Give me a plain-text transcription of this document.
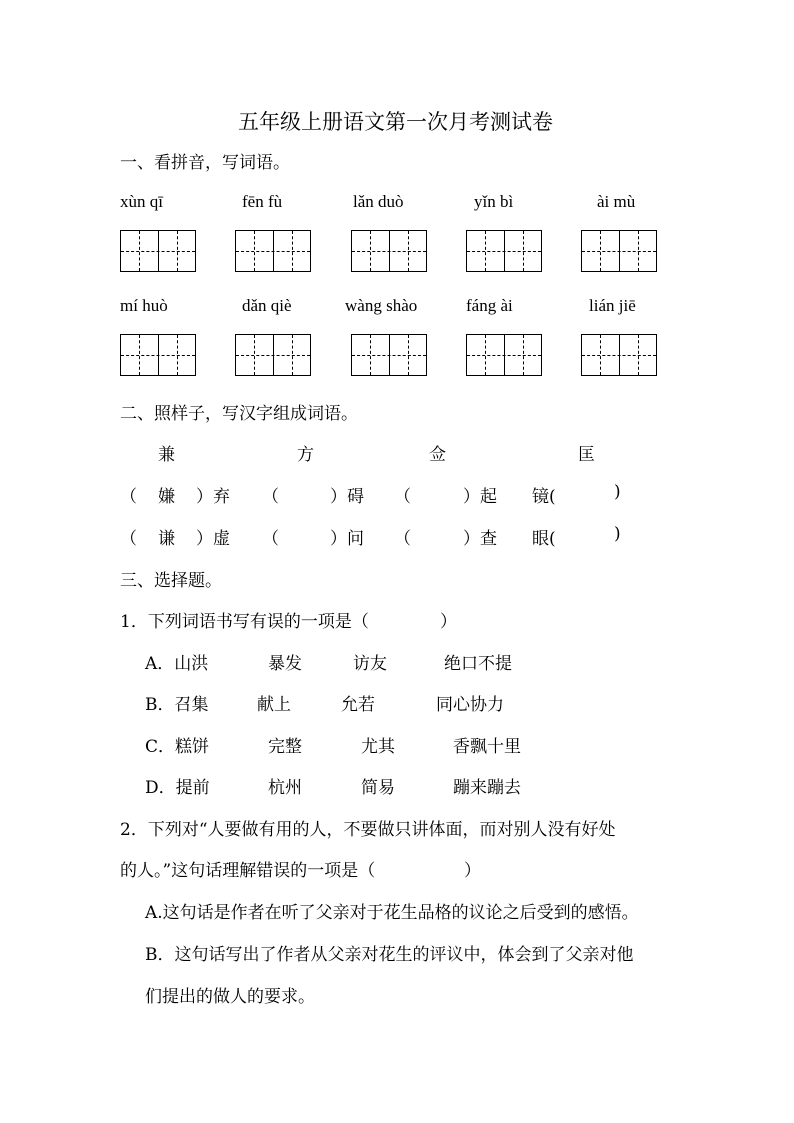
五年级上册语文第一次月考测试卷
一、看拼音，写词语。
xùn qī	fēn fù	lǎn duò	yǐn bì	ài mù
mí huò	dǎn qiè	wàng shào	fáng ài	lián jiē
二、照样子，写汉字组成词语。
兼	方	佥	匡
（ 嫌 ）弃 （	）碍 （	）起 镜(	)
（ 谦 ）虚 （	）问 （	）查 眼(	)
三、选择题。
1．下列词语书写有误的一项是（	）
A．山洪	暴发	访友	绝口不提
B．召集	献上	允若	同心协力
C．糕饼	完整	尤其	香飘十里
D．提前	杭州	简易	蹦来蹦去
2．下列对“人要做有用的人，不要做只讲体面，而对别人没有好处
的人。”这句话理解错误的一项是（	）
A.这句话是作者在听了父亲对于花生品格的议论之后受到的感悟。
B．这句话写出了作者从父亲对花生的评议中，体会到了父亲对他
们提出的做人的要求。
